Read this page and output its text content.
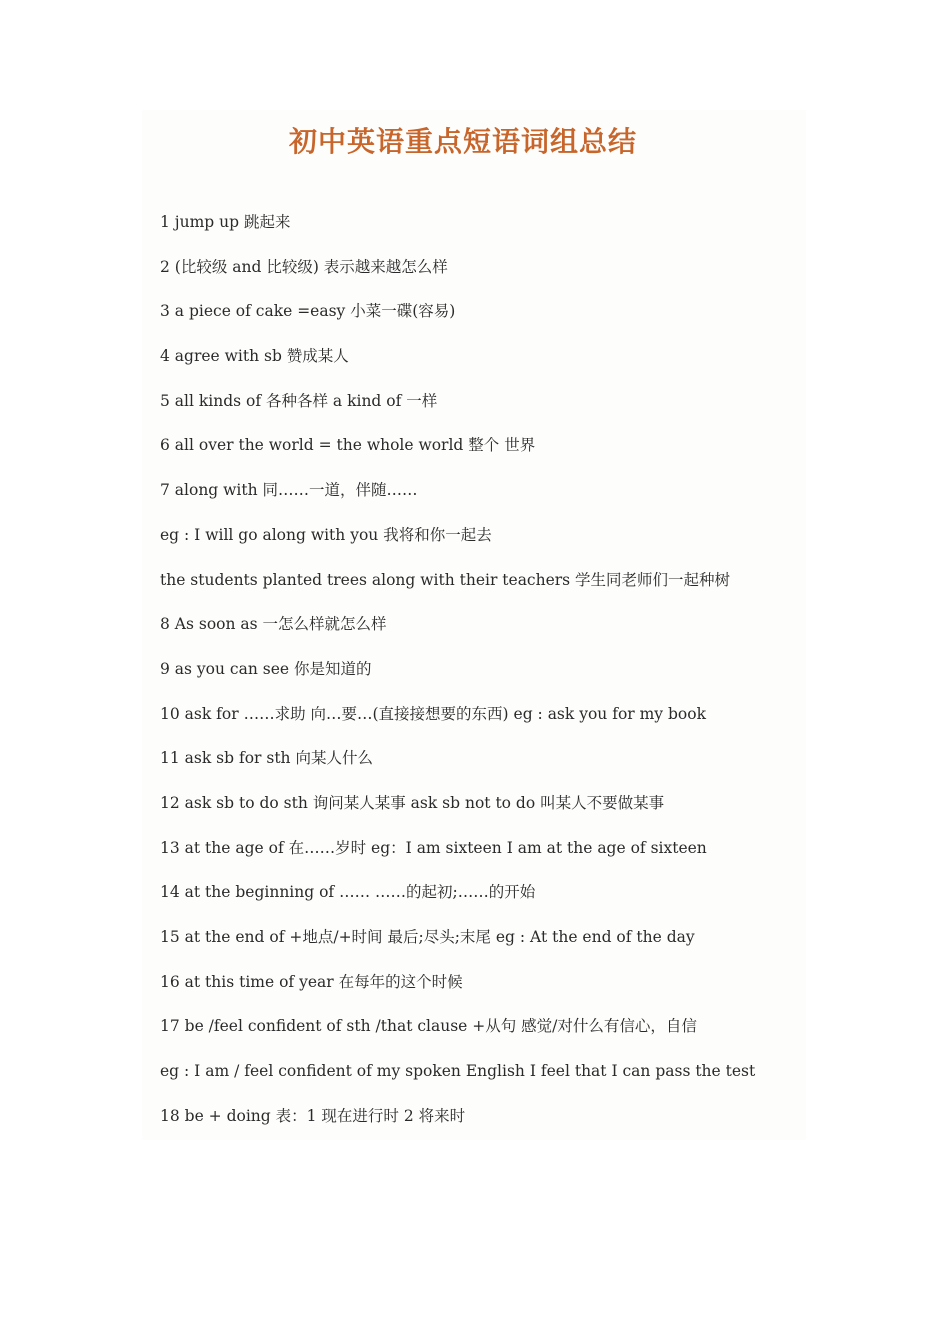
初中英语重点短语词组总结
1 jump up 跳起来
2 (比较级 and 比较级) 表示越来越怎么样
3 a piece of cake =easy 小菜一碟(容易)
4 agree with sb 赞成某人
5 all kinds of 各种各样 a kind of 一样
6 all over the world = the whole world 整个 世界
7 along with 同……一道，伴随……
eg : I will go along with you 我将和你一起去
the students planted trees along with their teachers 学生同老师们一起种树
8 As soon as 一怎么样就怎么样
9 as you can see 你是知道的
10 ask for ……求助 向…要…(直接接想要的东西) eg : ask you for my book
11 ask sb for sth 向某人什么
12 ask sb to do sth 询问某人某事 ask sb not to do 叫某人不要做某事
13 at the age of 在……岁时 eg：I am sixteen I am at the age of sixteen
14 at the beginning of …… ……的起初;……的开始
15 at the end of +地点/+时间 最后;尽头;末尾 eg : At the end of the day
16 at this time of year 在每年的这个时候
17 be /feel confident of sth /that clause +从句 感觉/对什么有信心，自信
eg : I am / feel confident of my spoken English I feel that I can pass the test
18 be + doing 表：1 现在进行时 2 将来时
